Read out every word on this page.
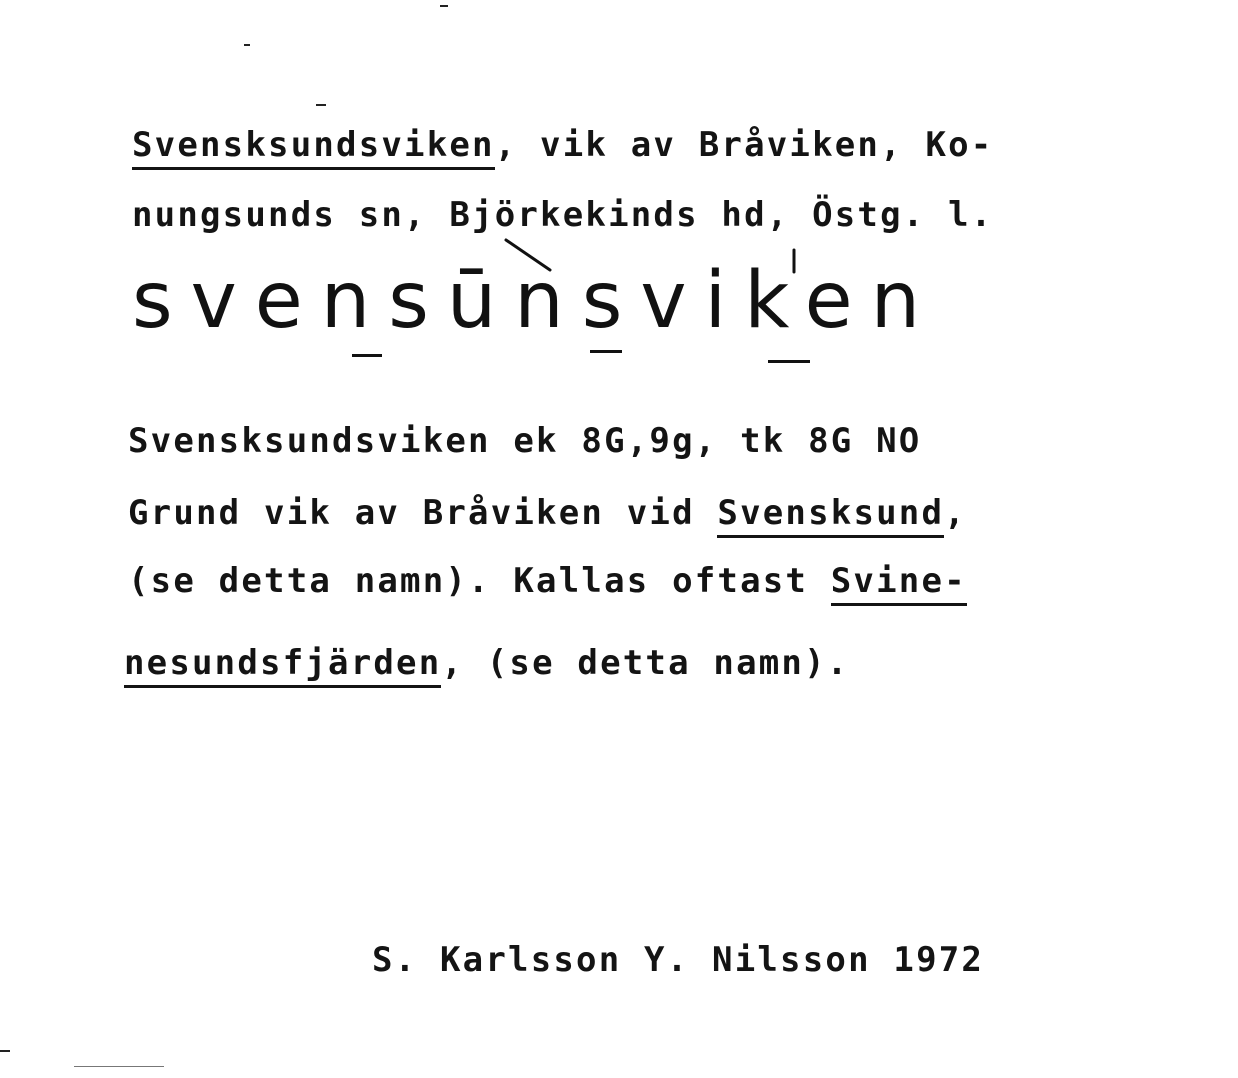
Svensksundsviken, vik av Bråviken, Ko-
nungsunds sn, Björkekinds hd, Östg. l.
svensūnsviken
Svensksundsviken ek 8G,9g, tk 8G NO
Grund vik av Bråviken vid Svensksund,
(se detta namn). Kallas oftast Svine-
nesundsfjärden, (se detta namn).
S. Karlsson Y. Nilsson 1972
